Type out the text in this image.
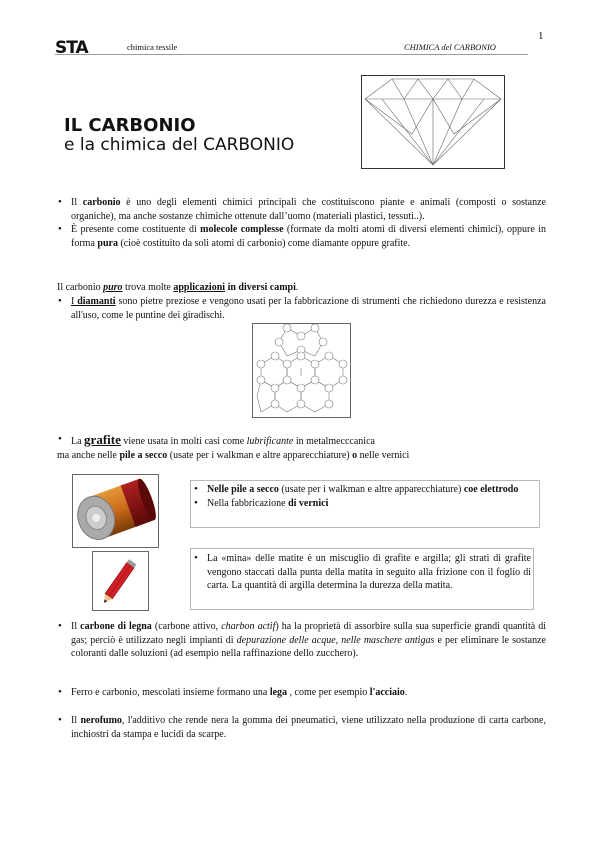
1
STA	chimica tessile	CHIMICA del CARBONIO
IL CARBONIO
e la chimica del CARBONIO
• Il carbonio è uno degli elementi chimici principali che costituiscono piante e animali (composti o sostanze organiche), ma anche sostanze chimiche ottenute dall’uomo (materiali plastici, tessuti..).
• È presente come costituente di molecole complesse (formate da molti atomi di diversi elementi chimici), oppure in forma pura (cioè costituito da soli atomi di carbonio) come diamante oppure grafite.
Il carbonio puro trova molte applicazioni in diversi campi.
• I diamanti sono pietre preziose e vengono usati per la fabbricazione di strumenti che richiedono durezza e resistenza all'uso, come le puntine dei giradischi.
• La grafite viene usata in molti casi come lubrificante in metalmecccanica
ma anche nelle pile a secco (usate per i walkman e altre apparecchiature) o nelle vernici
• Nelle pile a secco (usate per i walkman e altre apparecchiature) coe elettrodo
• Nella fabbricazione di vernici
• La «mina» delle matite è un miscuglio di grafite e argilla; gli strati di grafite vengono staccati dalla punta della matita in seguito alla frizione con il foglio di carta. La quantità di argilla determina la durezza della matita.
• Il carbone di legna (carbone attivo, charbon actif) ha la proprietà di assorbire sulla sua superficie grandi quantità di gas; perciò è utilizzato negli impianti di depurazione delle acque, nelle maschere antigas e per eliminare le sostanze coloranti dalle soluzioni (ad esempio nella raffinazione dello zucchero).
• Ferro e carbonio, mescolati insieme formano una lega , come per esempio l'acciaio.
• Il nerofumo, l'additivo che rende nera la gomma dei pneumatici, viene utilizzato nella produzione di carta carbone, inchiostri da stampa e lucidi da scarpe.
